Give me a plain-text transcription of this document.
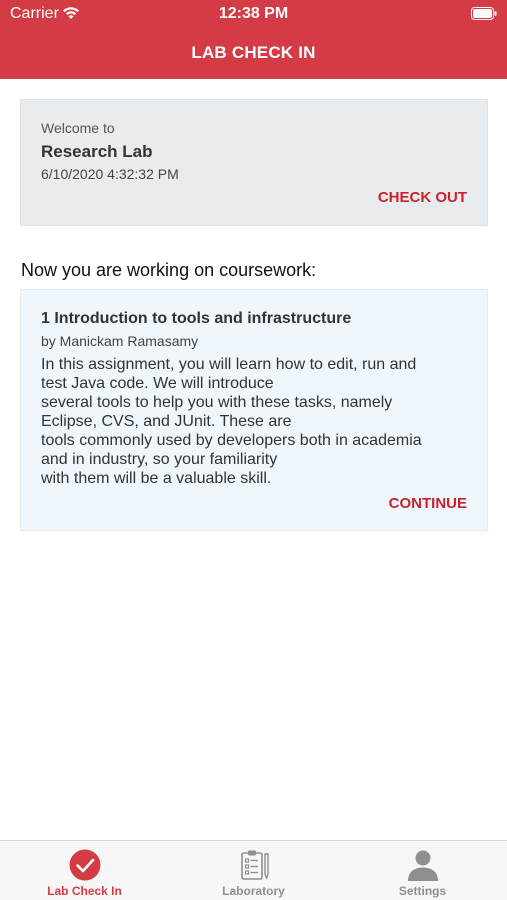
Carrier	12:38 PM
LAB CHECK IN
Welcome to
Research Lab
6/10/2020 4:32:32 PM
CHECK OUT
Now you are working on coursework:
1 Introduction to tools and infrastructure
by Manickam Ramasamy
In this assignment, you will learn how to edit, run and
test Java code. We will introduce
several tools to help you with these tasks, namely
Eclipse, CVS, and JUnit. These are
tools commonly used by developers both in academia
and in industry, so your familiarity
with them will be a valuable skill.
CONTINUE
Lab Check In	Laboratory	Settings
